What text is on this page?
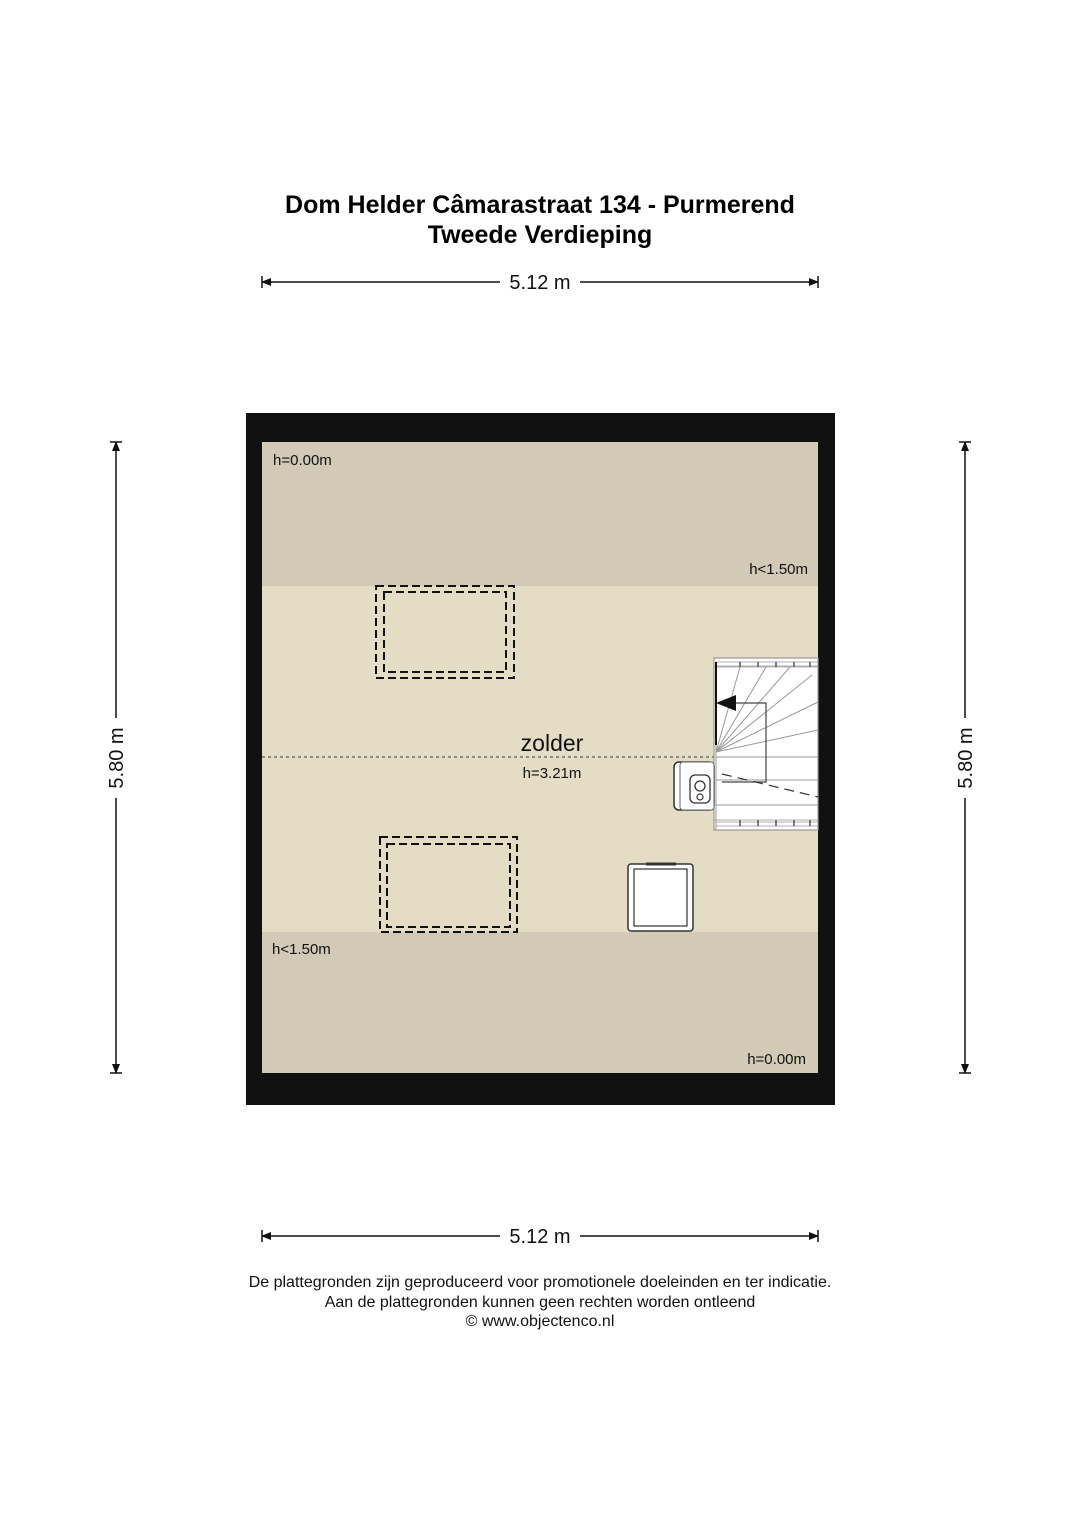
Dom Helder Câmarastraat 134 - Purmerend
Tweede Verdieping
5.12 m
5.12 m
5.80 m	5.80 m
zolder
h=3.21m
h=0.00m
h<1.50m
h<1.50m
h=0.00m
De plattegronden zijn geproduceerd voor promotionele doeleinden en ter indicatie.
Aan de plattegronden kunnen geen rechten worden ontleend
© www.objectenco.nl
